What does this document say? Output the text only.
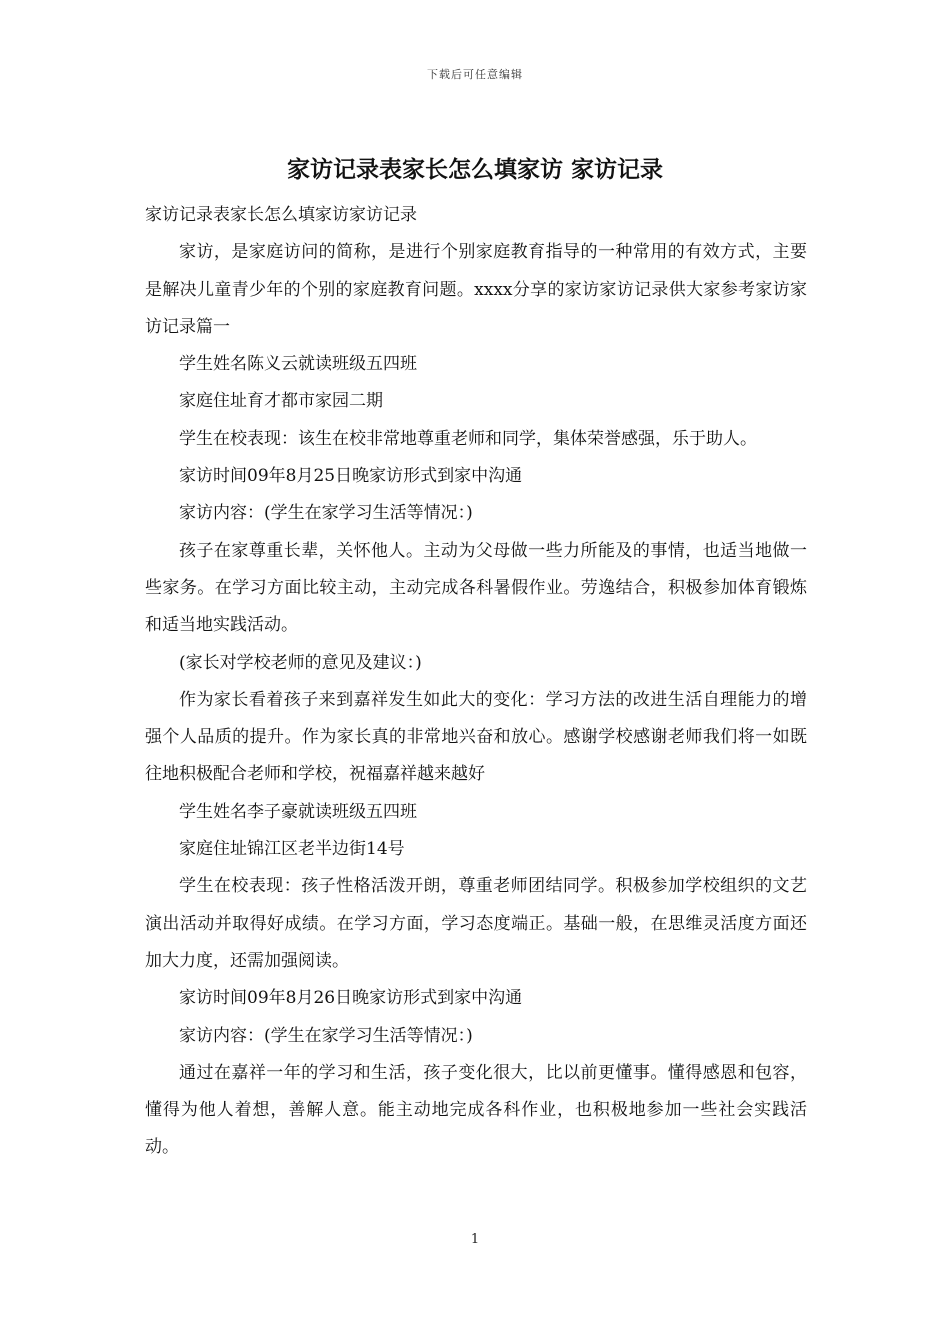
下载后可任意编辑
家访记录表家长怎么填家访 家访记录

家访记录表家长怎么填家访家访记录

家访，是家庭访问的简称，是进行个别家庭教育指导的一种常用的有效方式，主要是解决儿童青少年的个别的家庭教育问题。xxxx分享的家访家访记录供大家参考家访家访记录篇一

学生姓名陈义云就读班级五四班

家庭住址育才都市家园二期

学生在校表现：该生在校非常地尊重老师和同学，集体荣誉感强，乐于助人。

家访时间09年8月25日晚家访形式到家中沟通

家访内容：(学生在家学习生活等情况：)

孩子在家尊重长辈，关怀他人。主动为父母做一些力所能及的事情，也适当地做一些家务。在学习方面比较主动，主动完成各科暑假作业。劳逸结合，积极参加体育锻炼和适当地实践活动。

(家长对学校老师的意见及建议：)

作为家长看着孩子来到嘉祥发生如此大的变化：学习方法的改进生活自理能力的增强个人品质的提升。作为家长真的非常地兴奋和放心。感谢学校感谢老师我们将一如既往地积极配合老师和学校，祝福嘉祥越来越好

学生姓名李子豪就读班级五四班

家庭住址锦江区老半边街14号

学生在校表现：孩子性格活泼开朗，尊重老师团结同学。积极参加学校组织的文艺演出活动并取得好成绩。在学习方面，学习态度端正。基础一般，在思维灵活度方面还加大力度，还需加强阅读。

家访时间09年8月26日晚家访形式到家中沟通

家访内容：(学生在家学习生活等情况：)

通过在嘉祥一年的学习和生活，孩子变化很大，比以前更懂事。懂得感恩和包容，懂得为他人着想，善解人意。能主动地完成各科作业，也积极地参加一些社会实践活动。

1
